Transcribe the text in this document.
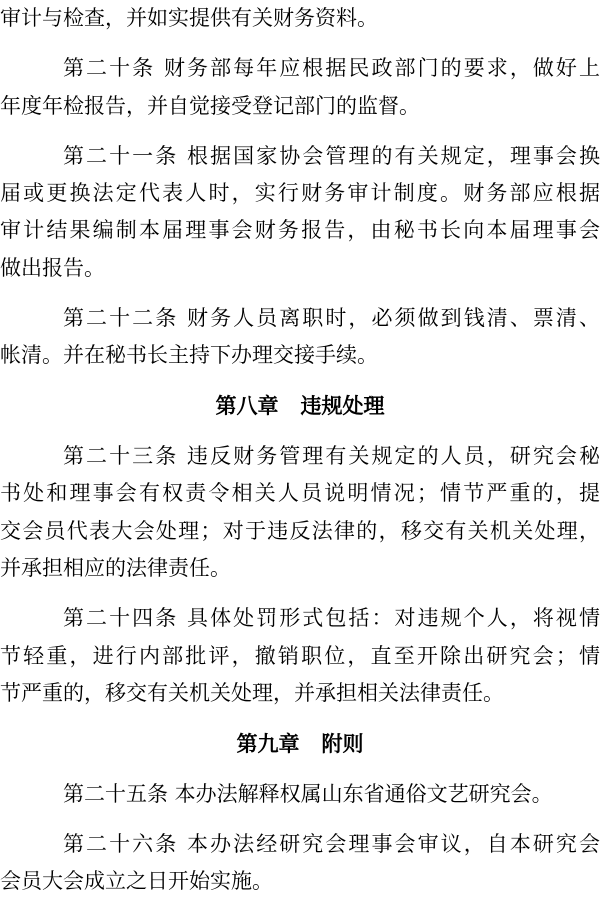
审计与检查，并如实提供有关财务资料。
第二十条 财务部每年应根据民政部门的要求，做好上
年度年检报告，并自觉接受登记部门的监督。
第二十一条 根据国家协会管理的有关规定，理事会换
届或更换法定代表人时，实行财务审计制度。财务部应根据
审计结果编制本届理事会财务报告，由秘书长向本届理事会
做出报告。
第二十二条 财务人员离职时，必须做到钱清、票清、
帐清。并在秘书长主持下办理交接手续。
第八章   违规处理
第二十三条 违反财务管理有关规定的人员，研究会秘
书处和理事会有权责令相关人员说明情况；情节严重的，提
交会员代表大会处理；对于违反法律的，移交有关机关处理，
并承担相应的法律责任。
第二十四条 具体处罚形式包括：对违规个人，将视情
节轻重，进行内部批评，撤销职位，直至开除出研究会；情
节严重的，移交有关机关处理，并承担相关法律责任。
第九章   附则
第二十五条 本办法解释权属山东省通俗文艺研究会。
第二十六条 本办法经研究会理事会审议，自本研究会
会员大会成立之日开始实施。
